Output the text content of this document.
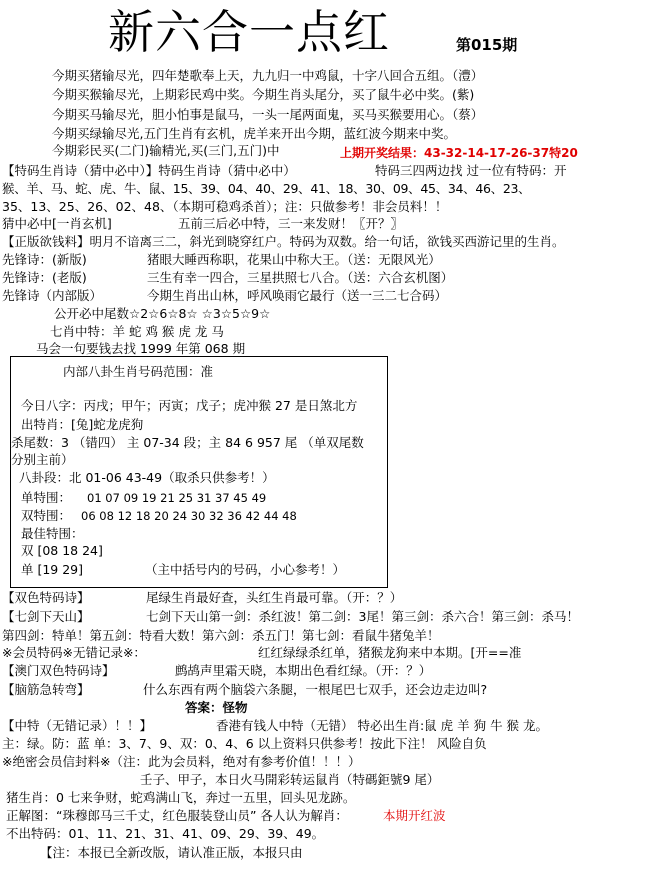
新六合一点红	第015期
今期买猪输尽光，四年楚歌奉上天，九九归一中鸡鼠，十字八回合五组。（澧）
今期买猴输尽光，上期彩民鸡中奖。今期生肖头尾分，买了鼠牛必中奖。(紫)
今期买马输尽光，胆小怕事是鼠马，一头一尾两面鬼，买马买猴要用心。（蔡）
今期买绿输尽光,五门生肖有玄机，虎羊来开出今期，蓝红波今期来中奖。
今期彩民买(二门)输精光,买(三门,五门)中	上期开奖结果：43-32-14-17-26-37特20
【特码生肖诗（猜中必中）】特码生肖诗（猜中必中）	特码三四两边找 过一位有特码：开
猴、羊、马、蛇、虎、牛、鼠、15、39、04、40、29、41、18、30、09、45、34、46、23、
35、13、25、26、02、48、（本期可稳鸡杀首）；注：只做参考！非会员料！！
猜中必中[一肖玄机]	五前三后必中特，三一来发财！〖开？〗
【正版欲钱料】明月不谙离三二，斜光到晓穿红户。特码为双数。给一句话，欲钱买西游记里的生肖。
先锋诗：(新版)	猪眼大睡西称职，花果山中称大王。（送：无限风光）
先锋诗：(老版)	三生有幸一四合，三星拱照七八合。（送：六合玄机图）
先锋诗（内部版）	今期生肖出山林，呼风唤雨它最行（送一三二七合码）
公开必中尾数☆2☆6☆8☆ ☆3☆5☆9☆
七肖中特：羊 蛇 鸡 猴 虎 龙 马
马会一句要钱去找 1999 年第 068 期
内部八卦生肖号码范围：准
今日八字：丙戌；甲午；丙寅；戊子；虎冲猴 27 是日煞北方
出特肖：[兔]蛇龙虎狗
杀尾数：3 （错四） 主 07-34 段；主 84 6 957 尾 （单双尾数
分别主前）
八卦段：北 01-06 43-49（取杀只供参考！）
单特围： 01 07 09 19 21 25 31 37 45 49
双特围： 06 08 12 18 20 24 30 32 36 42 44 48
最佳特围：
双 [08 18 24]
单 [19 29]	（主中括号内的号码，小心参考！）
【双色特码诗】	尾绿生肖最好查，头红生肖最可靠。（开：？）
【七剑下天山】	七剑下天山第一剑：杀红波！第二剑：3尾！第三剑：杀六合！第三剑：杀马！
第四剑：特单！第五剑：特看大数！第六剑：杀五门！第七剑：看鼠牛猪兔羊！
※会员特码※无错记录※：	红红绿绿杀红单，猪猴龙狗来中本期。[开==准
【澳门双色特码诗】	鹧鸪声里霜天晓，本期出色看红绿。（开：？）
【脑筋急转弯】	什么东西有两个脑袋六条腿，一根尾巴七双手，还会边走边叫?
答案：怪物
【中特（无错记录）！！】	香港有钱人中特（无错） 特必出生肖:鼠 虎 羊 狗 牛 猴 龙。
主：绿。防：蓝 单：3、7、9、双：0、4、6 以上资料只供参考！按此下注！ 风险自负
※绝密会员信封料※（注：此为会员料，绝对有参考价值！！！）
壬子、甲子，本日火马開彩转运鼠肖（特碼鉅號9 尾）
猪生肖：0 七来争财，蛇鸡满山飞，奔过一五里，回头见龙跡。
正解图：“珠穆郎马三千丈，红色服装登山员” 各人认为解肖：	本期开红波
不出特码：01、11、21、31、41、09、29、39、49。
【注：本报已全新改版，请认准正版，本报只由
